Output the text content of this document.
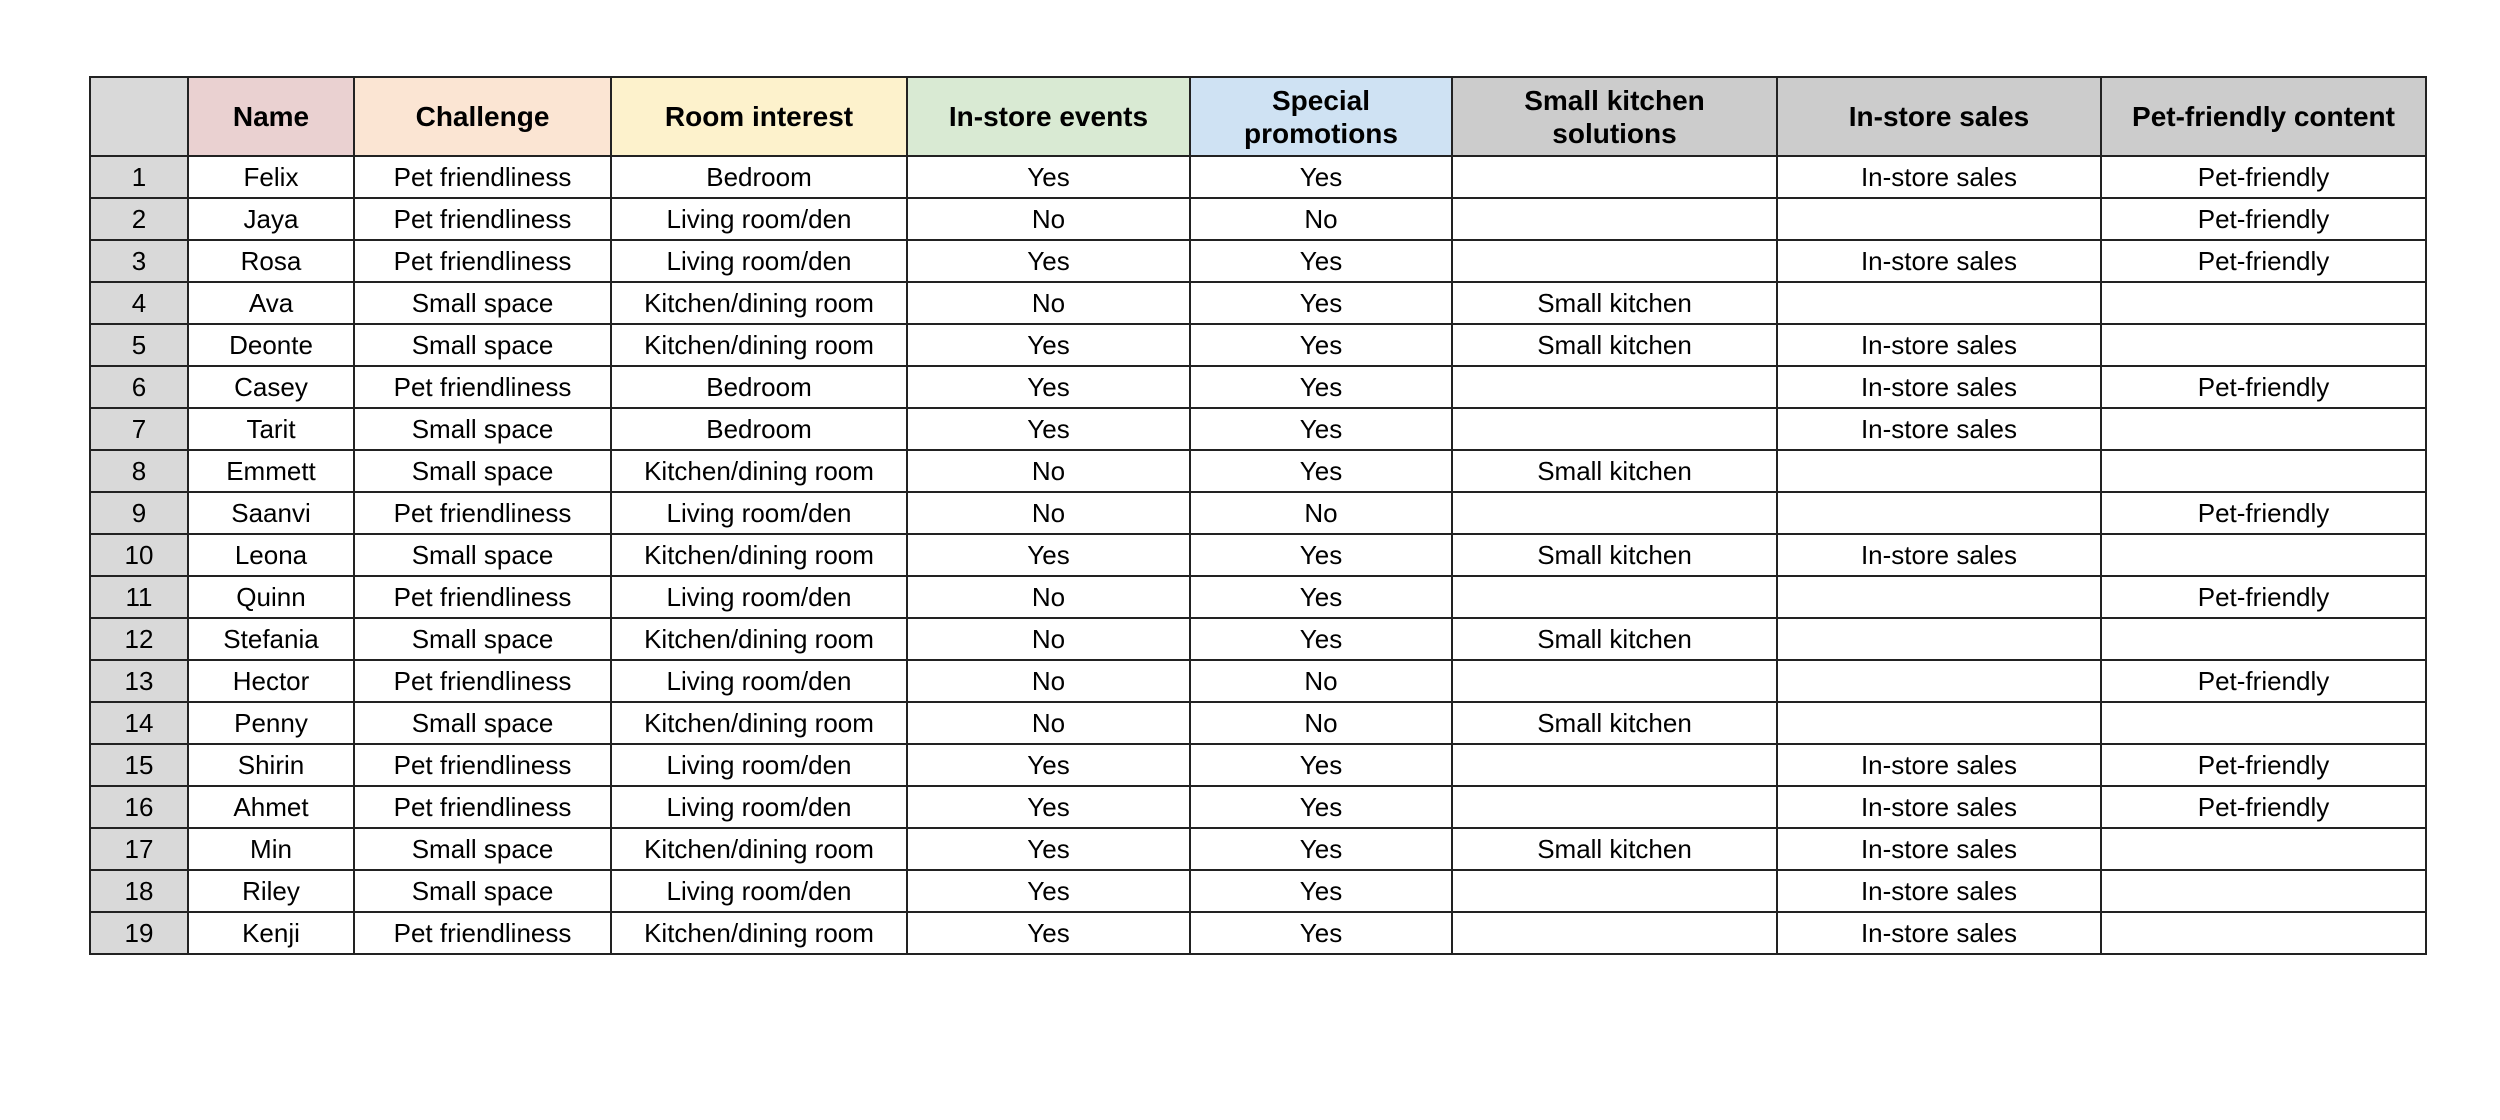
	Name	Challenge	Room interest	In-store events	Special promotions	Small kitchen solutions	In-store sales	Pet-friendly content
1	Felix	Pet friendliness	Bedroom	Yes	Yes		In-store sales	Pet-friendly
2	Jaya	Pet friendliness	Living room/den	No	No			Pet-friendly
3	Rosa	Pet friendliness	Living room/den	Yes	Yes		In-store sales	Pet-friendly
4	Ava	Small space	Kitchen/dining room	No	Yes	Small kitchen		
5	Deonte	Small space	Kitchen/dining room	Yes	Yes	Small kitchen	In-store sales	
6	Casey	Pet friendliness	Bedroom	Yes	Yes		In-store sales	Pet-friendly
7	Tarit	Small space	Bedroom	Yes	Yes		In-store sales	
8	Emmett	Small space	Kitchen/dining room	No	Yes	Small kitchen		
9	Saanvi	Pet friendliness	Living room/den	No	No			Pet-friendly
10	Leona	Small space	Kitchen/dining room	Yes	Yes	Small kitchen	In-store sales	
11	Quinn	Pet friendliness	Living room/den	No	Yes			Pet-friendly
12	Stefania	Small space	Kitchen/dining room	No	Yes	Small kitchen		
13	Hector	Pet friendliness	Living room/den	No	No			Pet-friendly
14	Penny	Small space	Kitchen/dining room	No	No	Small kitchen		
15	Shirin	Pet friendliness	Living room/den	Yes	Yes		In-store sales	Pet-friendly
16	Ahmet	Pet friendliness	Living room/den	Yes	Yes		In-store sales	Pet-friendly
17	Min	Small space	Kitchen/dining room	Yes	Yes	Small kitchen	In-store sales	
18	Riley	Small space	Living room/den	Yes	Yes		In-store sales	
19	Kenji	Pet friendliness	Kitchen/dining room	Yes	Yes		In-store sales	
